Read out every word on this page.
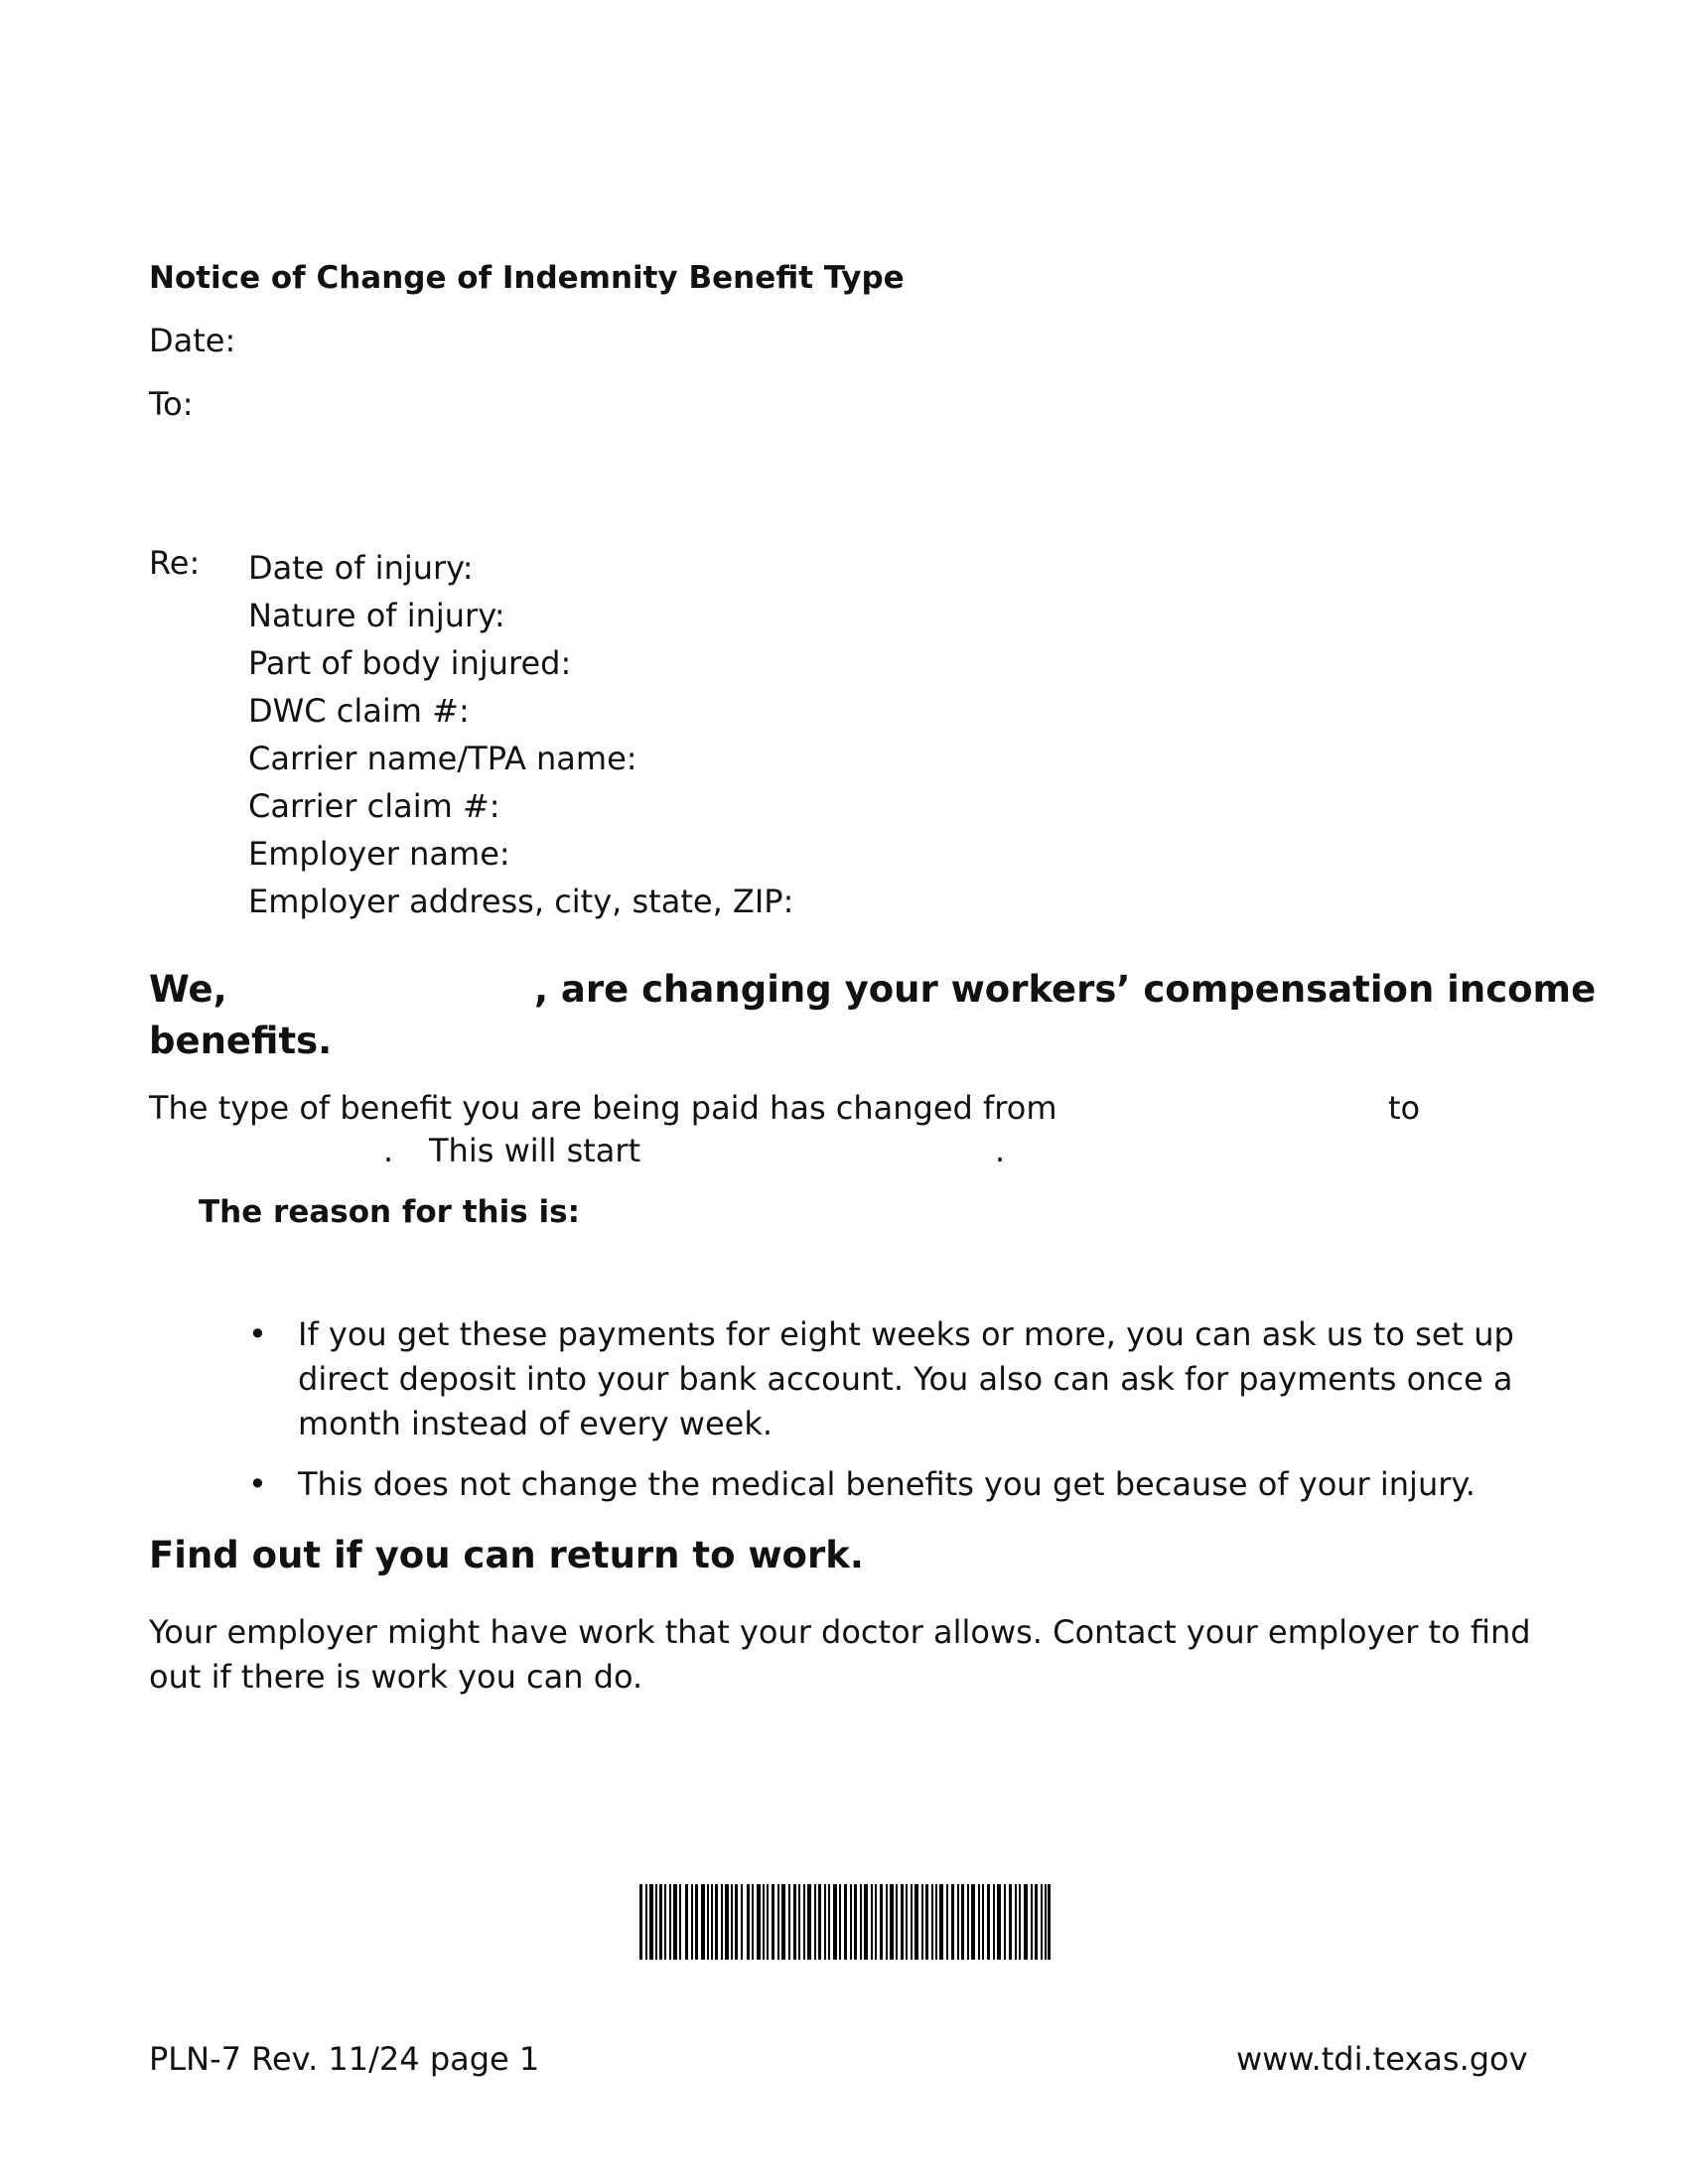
Notice of Change of Indemnity Benefit Type
Date:
To:
Re: Date of injury:
Nature of injury:
Part of body injured:
DWC claim #:
Carrier name/TPA name:
Carrier claim #:
Employer name:
Employer address, city, state, ZIP:
We,	, are changing your workers’ compensation income
benefits.
The type of benefit you are being paid has changed from	to
. This will start	.
The reason for this is:
• If you get these payments for eight weeks or more, you can ask us to set up direct deposit into your bank account. You also can ask for payments once a month instead of every week.
• This does not change the medical benefits you get because of your injury.
Find out if you can return to work.
Your employer might have work that your doctor allows. Contact your employer to find out if there is work you can do.
PLN-7 Rev. 11/24 page 1	www.tdi.texas.gov
